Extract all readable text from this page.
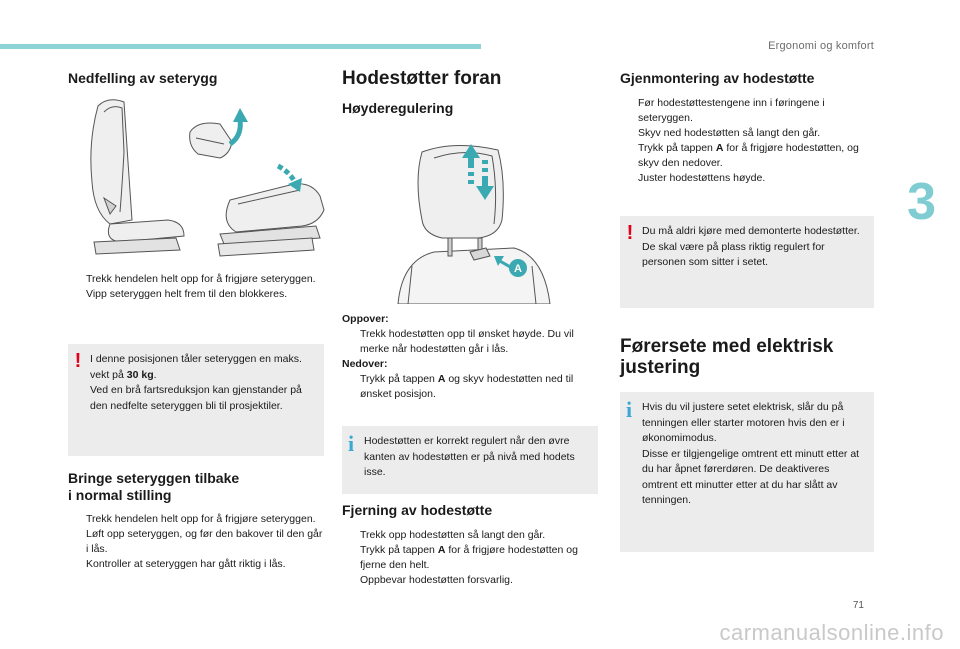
Ergonomi og komfort
3
71
carmanualsonline.info
Nedfelling av seterygg
Trekk hendelen helt opp for å frigjøre seteryggen.
Vipp seteryggen helt frem til den blokkeres.
! I denne posisjonen tåler seteryggen en maks. vekt på 30 kg.

Ved en brå fartsreduksjon kan gjenstander på den nedfelte seteryggen bli til prosjektiler.

Bringe seteryggen tilbake
i normal stilling
Trekk hendelen helt opp for å frigjøre seteryggen.
Løft opp seteryggen, og før den bakover til den går i lås.
Kontroller at seteryggen har gått riktig i lås.
Hodestøtter foran
Høyderegulering
A
Oppover:
Trekk hodestøtten opp til ønsket høyde. Du vil merke når hodestøtten går i lås.
Nedover:
Trykk på tappen A og skyv hodestøtten ned til ønsket posisjon.
i Hodestøtten er korrekt regulert når den øvre kanten av hodestøtten er på nivå med hodets isse.

Fjerning av hodestøtte
Trekk opp hodestøtten så langt den går.
Trykk på tappen A for å frigjøre hodestøtten og fjerne den helt.
Oppbevar hodestøtten forsvarlig.
Gjenmontering av hodestøtte
Før hodestøttestengene inn i føringene i seteryggen.
Skyv ned hodestøtten så langt den går.
Trykk på tappen A for å frigjøre hodestøtten, og skyv den nedover.
Juster hodestøttens høyde.
! Du må aldri kjøre med demonterte hodestøtter. De skal være på plass riktig regulert for personen som sitter i setet.

Førersete med elektrisk
justering
i Hvis du vil justere setet elektrisk, slår du på tenningen eller starter motoren hvis den er i økonomimodus.

Disse er tilgjengelige omtrent ett minutt etter at du har åpnet førerdøren. De deaktiveres omtrent ett minutter etter at du har slått av tenningen.
